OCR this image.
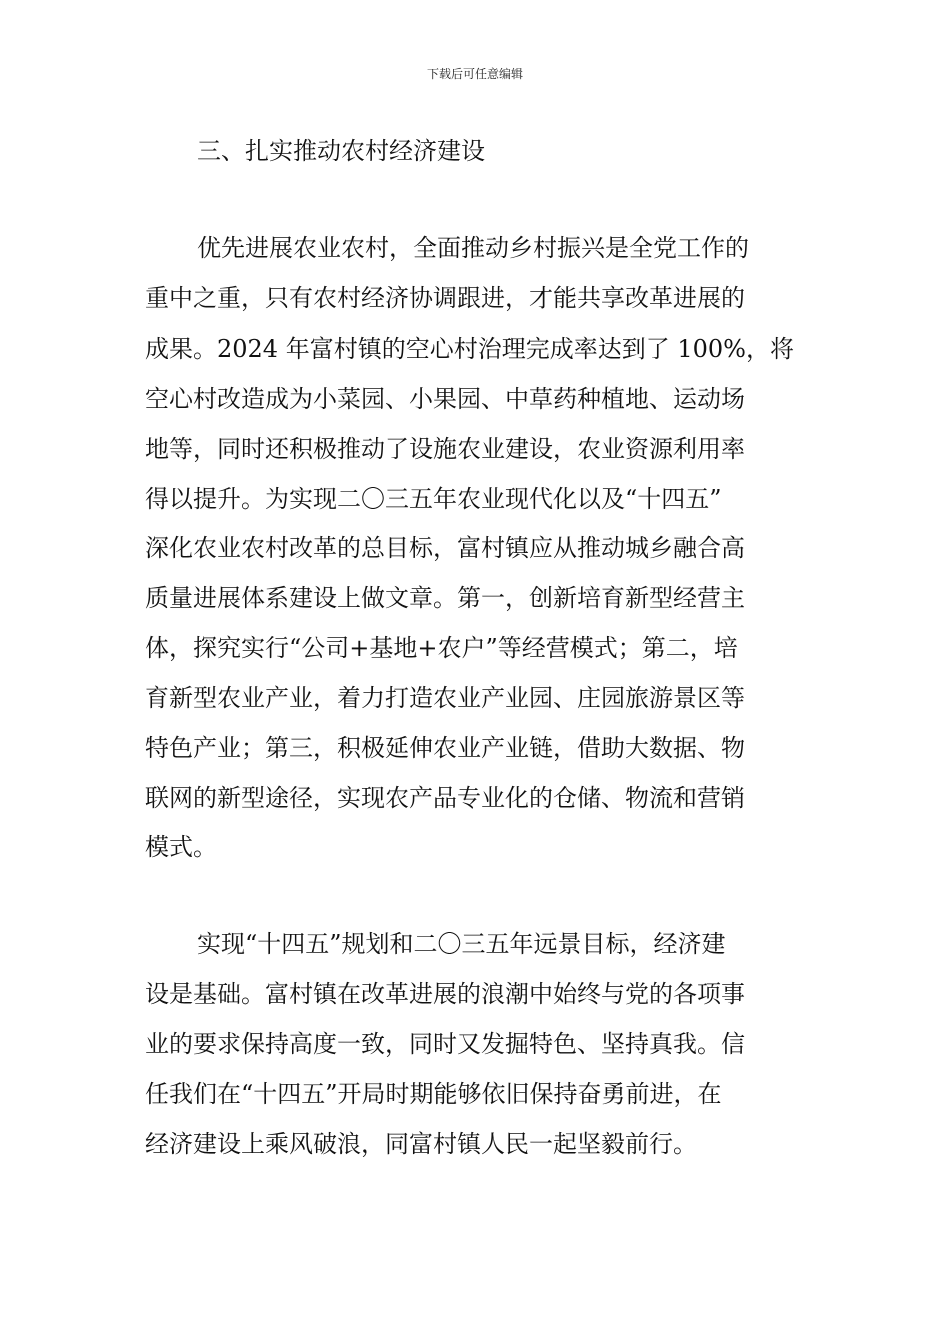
下载后可任意编辑
三、扎实推动农村经济建设
优先进展农业农村，全面推动乡村振兴是全党工作的
重中之重，只有农村经济协调跟进，才能共享改革进展的
成果。2024 年富村镇的空心村治理完成率达到了 100%，将
空心村改造成为小菜园、小果园、中草药种植地、运动场
地等，同时还积极推动了设施农业建设，农业资源利用率
得以提升。为实现二〇三五年农业现代化以及“十四五”
深化农业农村改革的总目标，富村镇应从推动城乡融合高
质量进展体系建设上做文章。第一，创新培育新型经营主
体，探究实行“公司+基地+农户”等经营模式；第二，培
育新型农业产业，着力打造农业产业园、庄园旅游景区等
特色产业；第三，积极延伸农业产业链，借助大数据、物
联网的新型途径，实现农产品专业化的仓储、物流和营销
模式。
实现“十四五”规划和二〇三五年远景目标，经济建
设是基础。富村镇在改革进展的浪潮中始终与党的各项事
业的要求保持高度一致，同时又发掘特色、坚持真我。信
任我们在“十四五”开局时期能够依旧保持奋勇前进，在
经济建设上乘风破浪，同富村镇人民一起坚毅前行。
